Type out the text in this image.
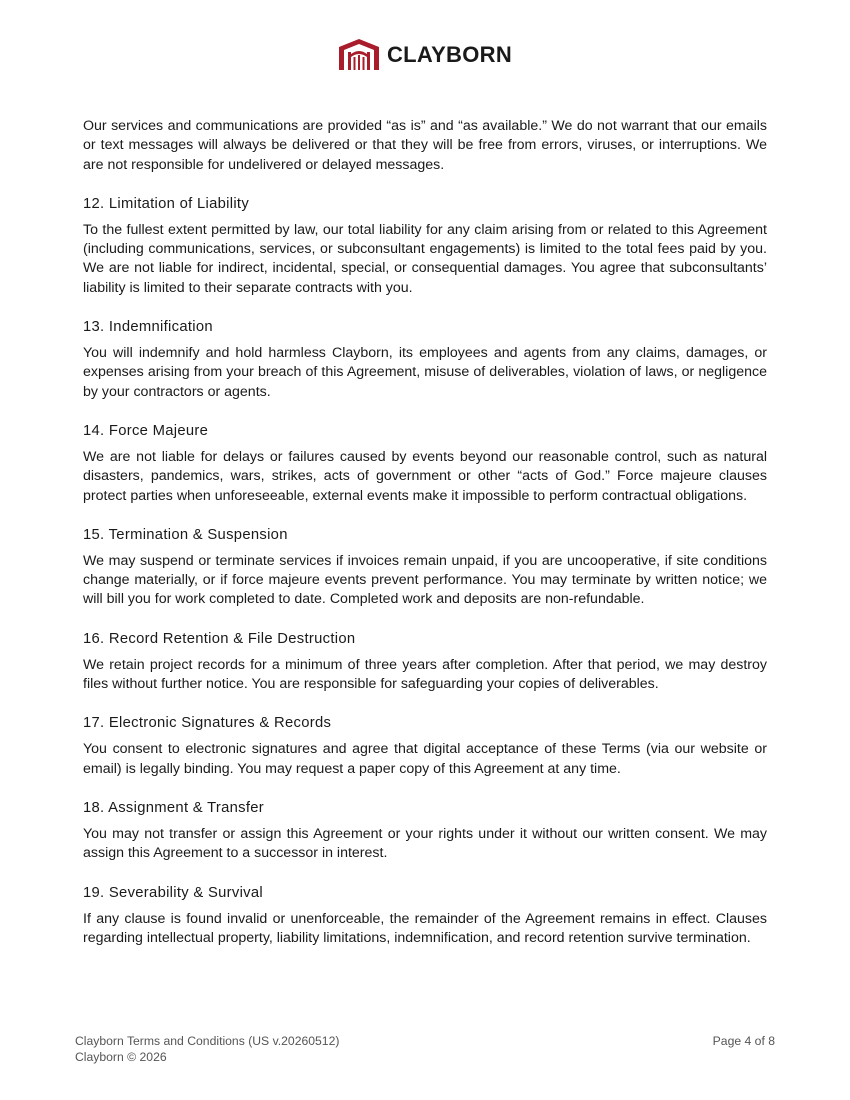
CLAYBORN

Our services and communications are provided “as is” and “as available.” We do not warrant that our emails or text messages will always be delivered or that they will be free from errors, viruses, or interruptions. We are not responsible for undelivered or delayed messages.

12. Limitation of Liability

To the fullest extent permitted by law, our total liability for any claim arising from or related to this Agreement (including communications, services, or subconsultant engagements) is limited to the total fees paid by you. We are not liable for indirect, incidental, special, or consequential damages. You agree that subconsultants’ liability is limited to their separate contracts with you.

13. Indemnification

You will indemnify and hold harmless Clayborn, its employees and agents from any claims, damages, or expenses arising from your breach of this Agreement, misuse of deliverables, violation of laws, or negligence by your contractors or agents.

14. Force Majeure

We are not liable for delays or failures caused by events beyond our reasonable control, such as natural disasters, pandemics, wars, strikes, acts of government or other “acts of God.” Force majeure clauses protect parties when unforeseeable, external events make it impossible to perform contractual obligations.

15. Termination & Suspension

We may suspend or terminate services if invoices remain unpaid, if you are uncooperative, if site conditions change materially, or if force majeure events prevent performance. You may terminate by written notice; we will bill you for work completed to date. Completed work and deposits are non-refundable.

16. Record Retention & File Destruction

We retain project records for a minimum of three years after completion. After that period, we may destroy files without further notice. You are responsible for safeguarding your copies of deliverables.

17. Electronic Signatures & Records

You consent to electronic signatures and agree that digital acceptance of these Terms (via our website or email) is legally binding. You may request a paper copy of this Agreement at any time.

18. Assignment & Transfer

You may not transfer or assign this Agreement or your rights under it without our written consent. We may assign this Agreement to a successor in interest.

19. Severability & Survival

If any clause is found invalid or unenforceable, the remainder of the Agreement remains in effect. Clauses regarding intellectual property, liability limitations, indemnification, and record retention survive termination.

Clayborn Terms and Conditions (US v.20260512)
Clayborn © 2026
Page 4 of 8
